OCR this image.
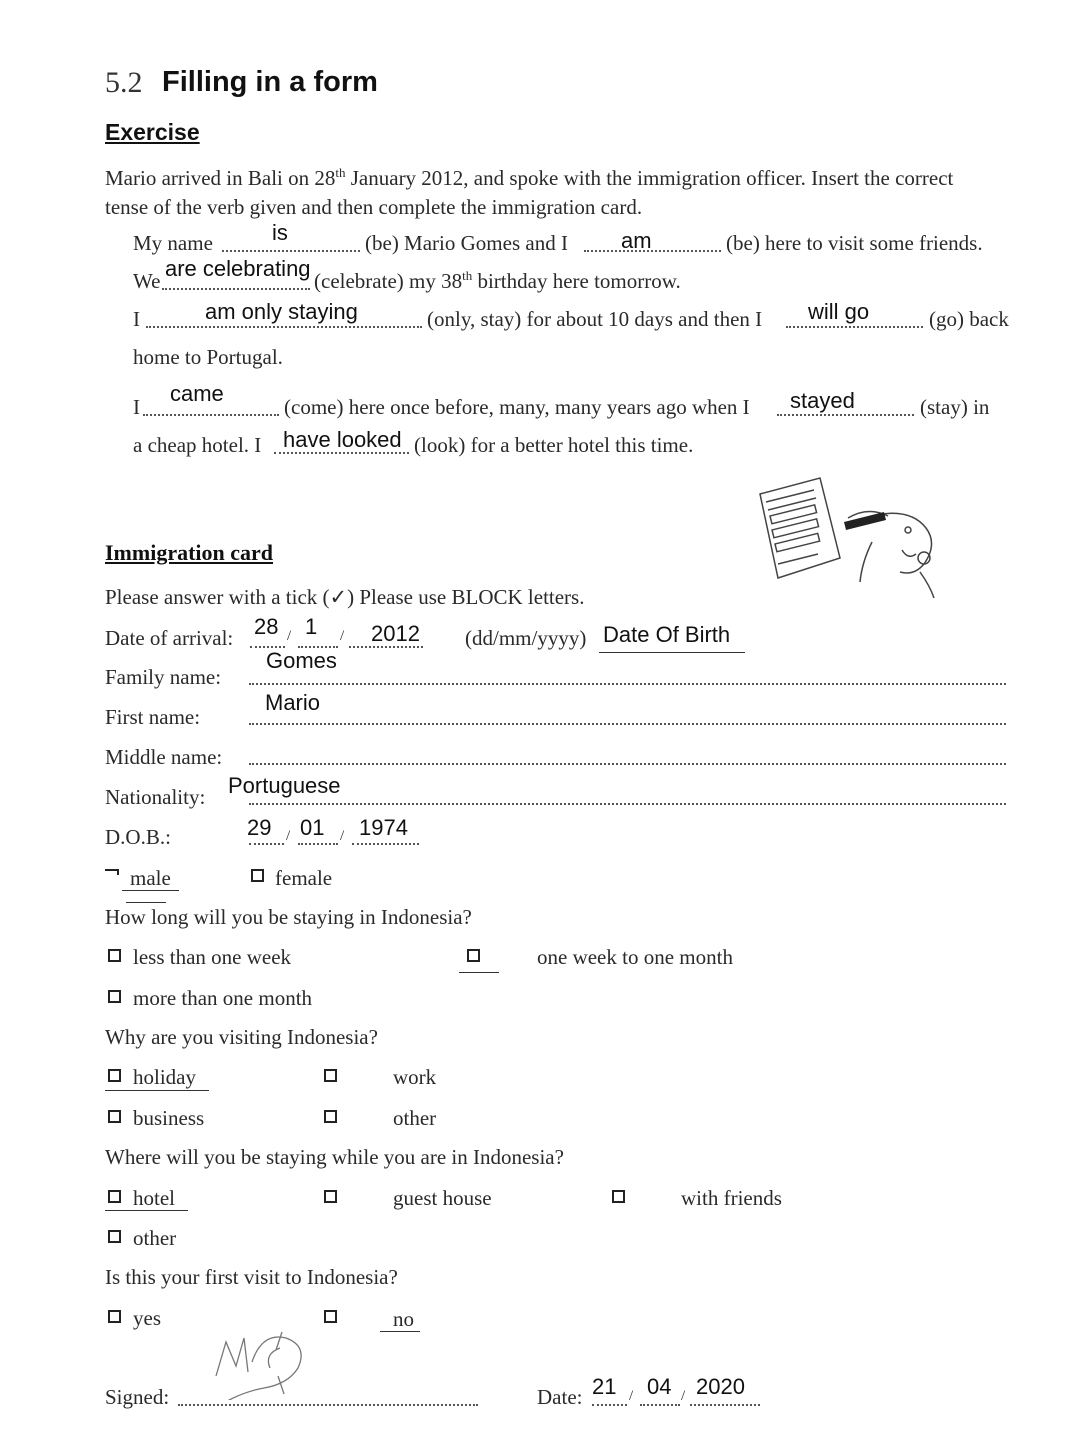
5.2 Filling in a form
Exercise
Mario arrived in Bali on 28th January 2012, and spoke with the immigration officer. Insert the correct
tense of the verb given and then complete the immigration card.
My name	is	(be) Mario Gomes and I am	(be) here to visit some friends.
We are celebrating (celebrate) my 38th birthday here tomorrow.
I	am only staying	(only, stay) for about 10 days and then I will go	(go) back
home to Portugal.
I
came
(come) here once before, many, many years ago when I stayed	(stay) in
a cheap hotel. I have looked (look) for a better hotel this time.
Immigration card
Please answer with a tick (✓) Please use BLOCK letters.
Date of arrival: 28 / 1 / 2012 (dd/mm/yyyy) Date Of Birth
Family name:
Gomes
First name:
Mario
Middle name:
Nationality: Portuguese
D.O.B.:	29 / 01 / 1974
male	female
How long will you be staying in Indonesia?
less than one week	one week to one month
more than one month
Why are you visiting Indonesia?
holiday	work
business	other
Where will you be staying while you are in Indonesia?
hotel	guest house	with friends
other
Is this your first visit to Indonesia?
yes	no
Signed:	Date: 21 / 04 / 2020
